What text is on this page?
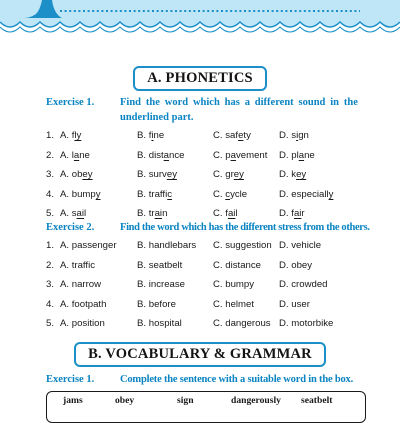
A. PHONETICS
Exercise 1. Find the word which has a different sound in the
underlined part.
1. A. fly	B. fine	C. safety	D. sign
2. A. lane	B. distance	C. pavement D. plane
3. A. obey	B. survey	C. grey	D. key
4. A. bumpy	B. traffic	C. cycle	D. especially
5. A. sail	B. train	C. fail	D. fair
Exercise 2. Find the word which has the different stress from the others.
1. A. passenger B. handlebars C. suggestion D. vehicle
2. A. traffic	B. seatbelt	C. distance D. obey
3. A. narrow	B. increase	C. bumpy	D. crowded
4. A. footpath	B. before	C. helmet	D. user
5. A. position	B. hospital	C. dangerous D. motorbike
B. VOCABULARY & GRAMMAR
Exercise 1. Complete the sentence with a suitable word in the box.
jams	obey	sign	dangerously seatbelt
